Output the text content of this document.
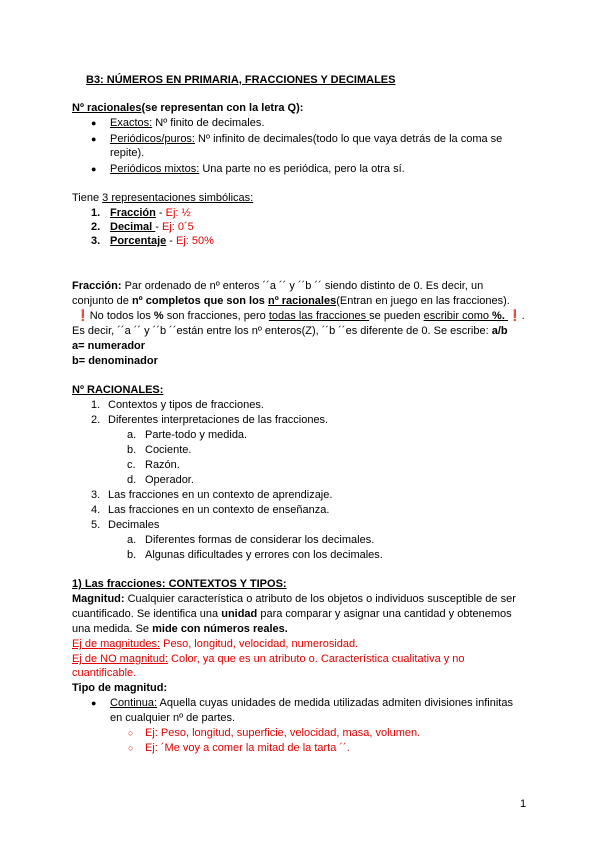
B3: NÚMEROS EN PRIMARIA, FRACCIONES Y DECIMALES
Nº racionales(se representan con la letra Q):
● Exactos: Nº finito de decimales.
● Periódicos/puros: Nº infinito de decimales(todo lo que vaya detrás de la coma se
repite).
● Periódicos mixtos: Una parte no es periódica, pero la otra sí.
Tiene 3 representaciones simbólicas:
1. Fracción - Ej: ½
2. Decimal - Ej: 0´5
3. Porcentaje - Ej: 50%
Fracción: Par ordenado de nº enteros ´´a ´´ y ´´b ´´ siendo distinto de 0. Es decir, un
conjunto de nº completos que son los nº racionales(Entran en juego en las fracciones).
❗No todos los % son fracciones, pero todas las fracciones se pueden escribir como %. ❗.
Es decir, ´´a ´´ y ´´b ´´están entre los nº enteros(Z), ´´b ´´es diferente de 0. Se escribe: a/b
a= numerador
b= denominador
Nº RACIONALES:
1. Contextos y tipos de fracciones.
2. Diferentes interpretaciones de las fracciones.
a. Parte-todo y medida.
b. Cociente.
c. Razón.
d. Operador.
3. Las fracciones en un contexto de aprendizaje.
4. Las fracciones en un contexto de enseñanza.
5. Decimales
a. Diferentes formas de considerar los decimales.
b. Algunas dificultades y errores con los decimales.
1) Las fracciones: CONTEXTOS Y TIPOS:
Magnitud: Cualquier característica o atributo de los objetos o individuos susceptible de ser
cuantificado. Se identifica una unidad para comparar y asignar una cantidad y obtenemos
una medida. Se mide con números reales.
Ej de magnitudes: Peso, longitud, velocidad, numerosidad.
Ej de NO magnitud: Color, ya que es un atributo o. Característica cualitativa y no
cuantificable.
Tipo de magnitud:
● Continua: Aquella cuyas unidades de medida utilizadas admiten divisiones infinitas
en cualquier nº de partes.
○ Ej: Peso, longitud, superficie, velocidad, masa, volumen.
○ Ej: ´Me voy a comer la mitad de la tarta ´´.
1
